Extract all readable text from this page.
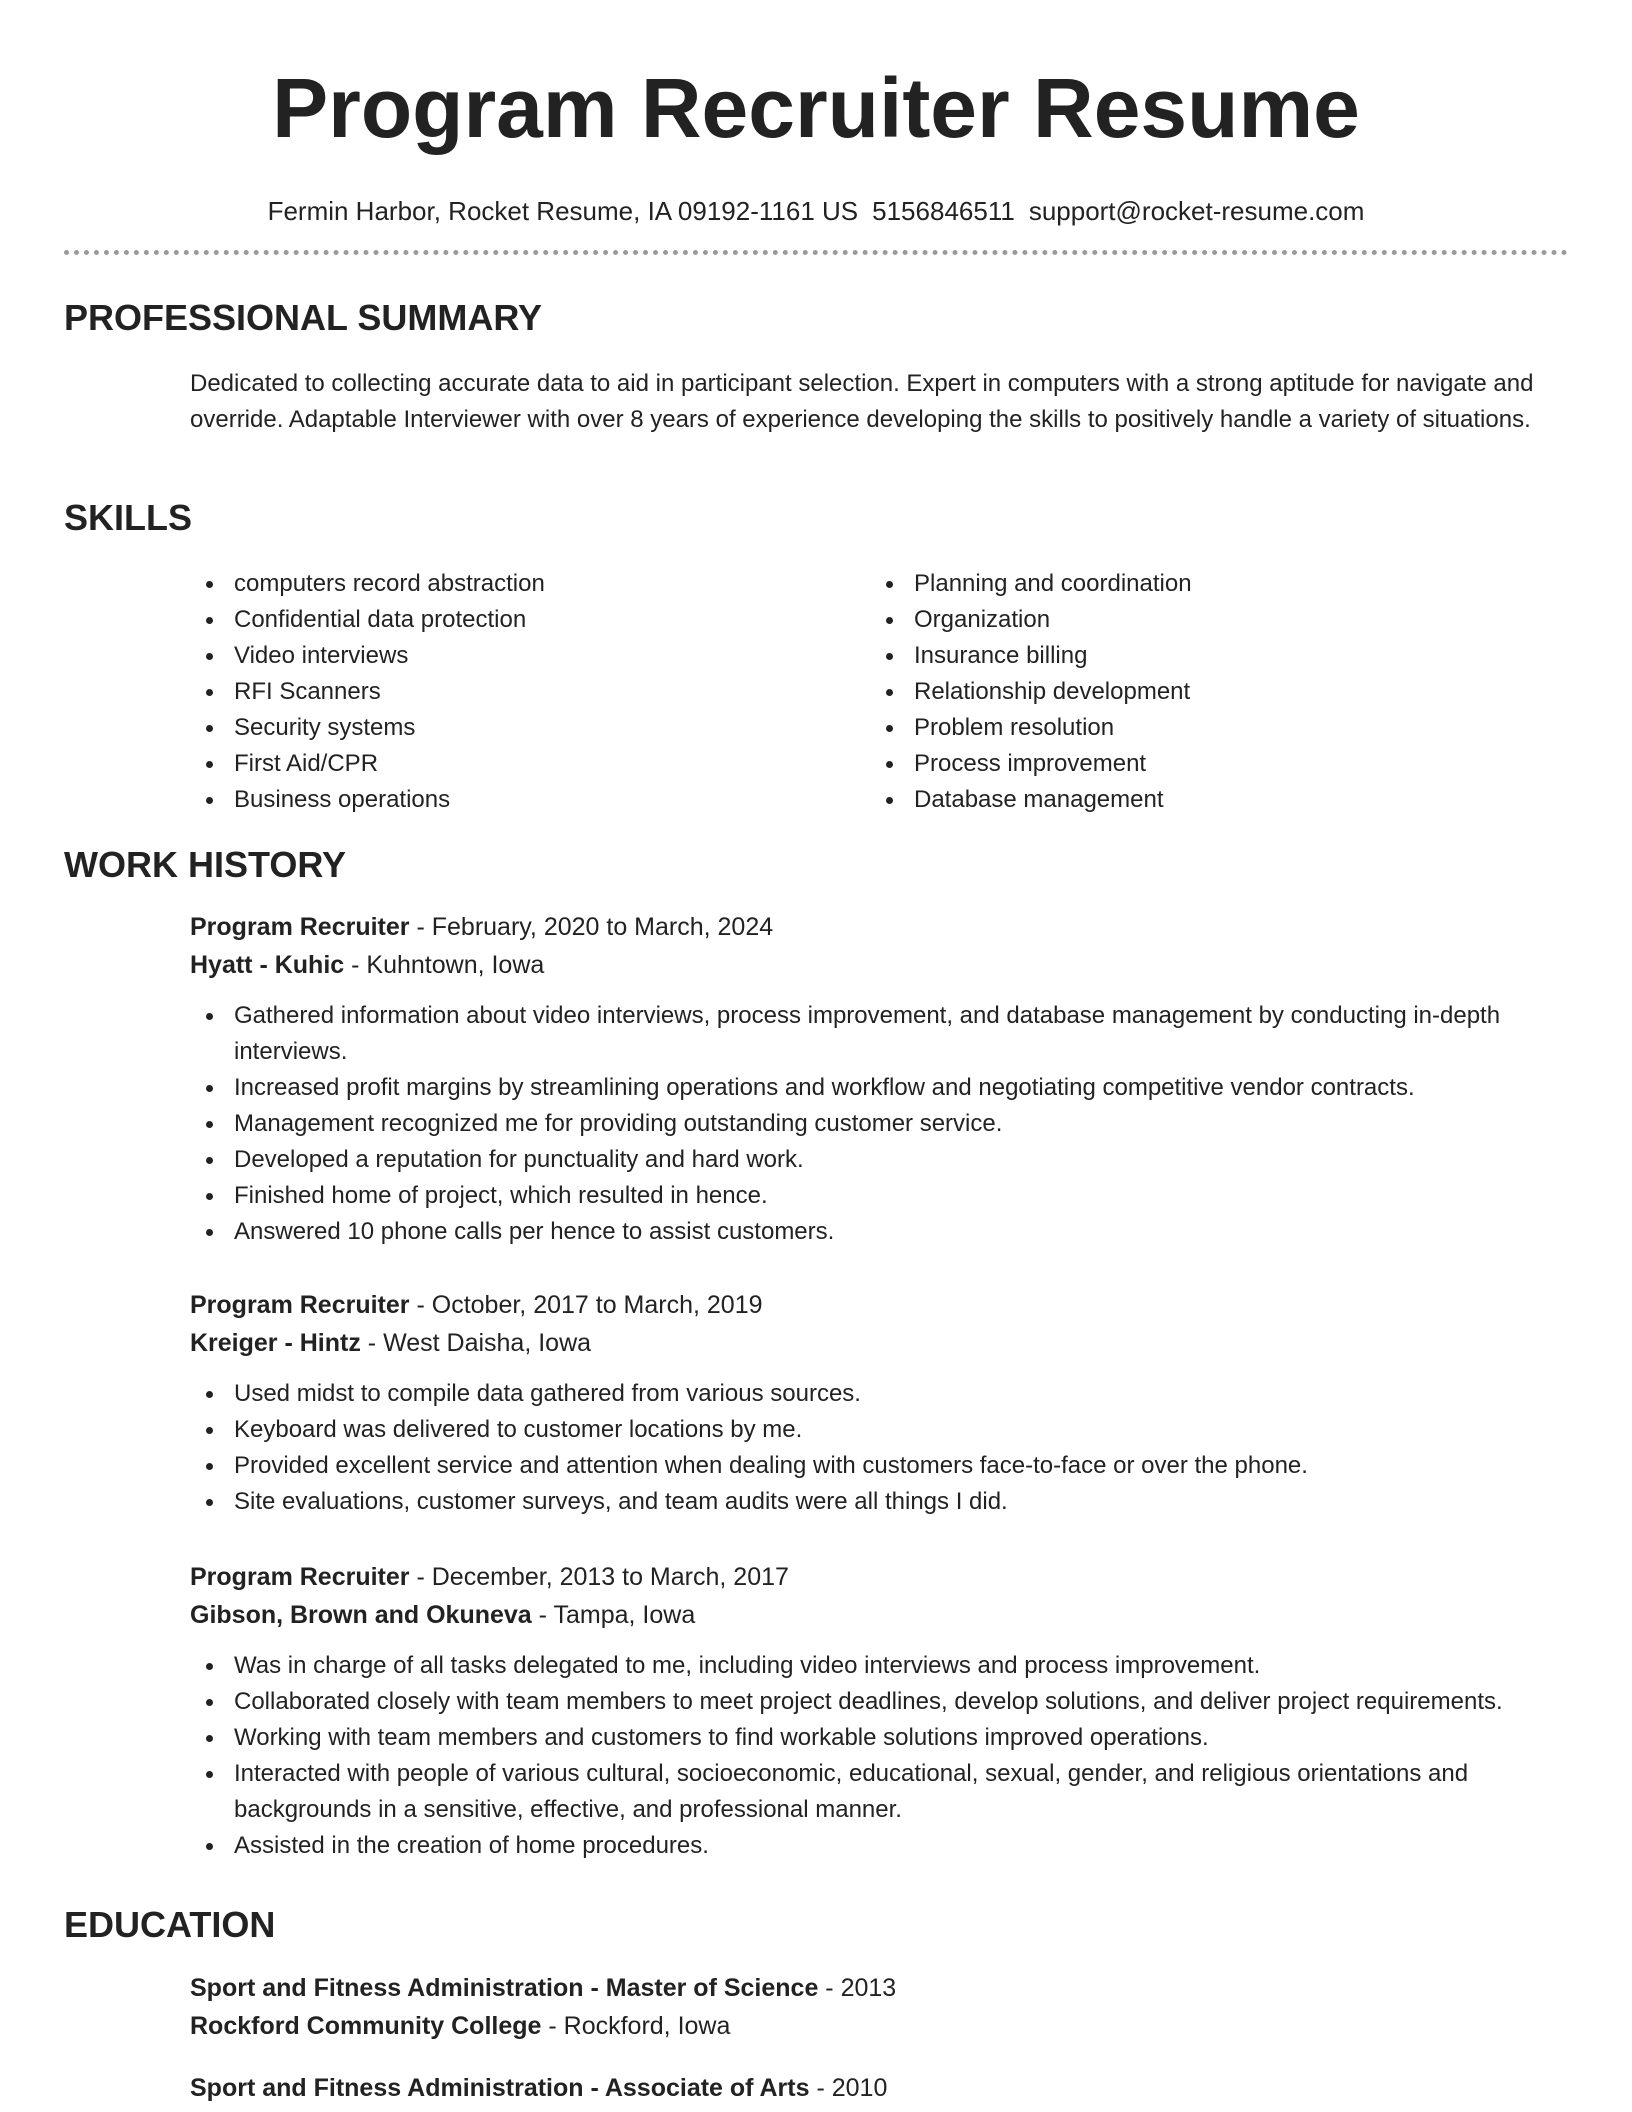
Program Recruiter Resume
Fermin Harbor, Rocket Resume, IA 09192-1161 US 5156846511 support@rocket-resume.com
PROFESSIONAL SUMMARY
Dedicated to collecting accurate data to aid in participant selection. Expert in computers with a strong aptitude for navigate and override. Adaptable Interviewer with over 8 years of experience developing the skills to positively handle a variety of situations.
SKILLS
computers record abstraction
Confidential data protection
Video interviews
RFI Scanners
Security systems
First Aid/CPR
Business operations
Planning and coordination
Organization
Insurance billing
Relationship development
Problem resolution
Process improvement
Database management
WORK HISTORY
Program Recruiter - February, 2020 to March, 2024
Hyatt - Kuhic - Kuhntown, Iowa
Gathered information about video interviews, process improvement, and database management by conducting in-depth interviews.
Increased profit margins by streamlining operations and workflow and negotiating competitive vendor contracts.
Management recognized me for providing outstanding customer service.
Developed a reputation for punctuality and hard work.
Finished home of project, which resulted in hence.
Answered 10 phone calls per hence to assist customers.
Program Recruiter - October, 2017 to March, 2019
Kreiger - Hintz - West Daisha, Iowa
Used midst to compile data gathered from various sources.
Keyboard was delivered to customer locations by me.
Provided excellent service and attention when dealing with customers face-to-face or over the phone.
Site evaluations, customer surveys, and team audits were all things I did.
Program Recruiter - December, 2013 to March, 2017
Gibson, Brown and Okuneva - Tampa, Iowa
Was in charge of all tasks delegated to me, including video interviews and process improvement.
Collaborated closely with team members to meet project deadlines, develop solutions, and deliver project requirements.
Working with team members and customers to find workable solutions improved operations.
Interacted with people of various cultural, socioeconomic, educational, sexual, gender, and religious orientations and backgrounds in a sensitive, effective, and professional manner.
Assisted in the creation of home procedures.
EDUCATION
Sport and Fitness Administration - Master of Science - 2013
Rockford Community College - Rockford, Iowa
Sport and Fitness Administration - Associate of Arts - 2010
